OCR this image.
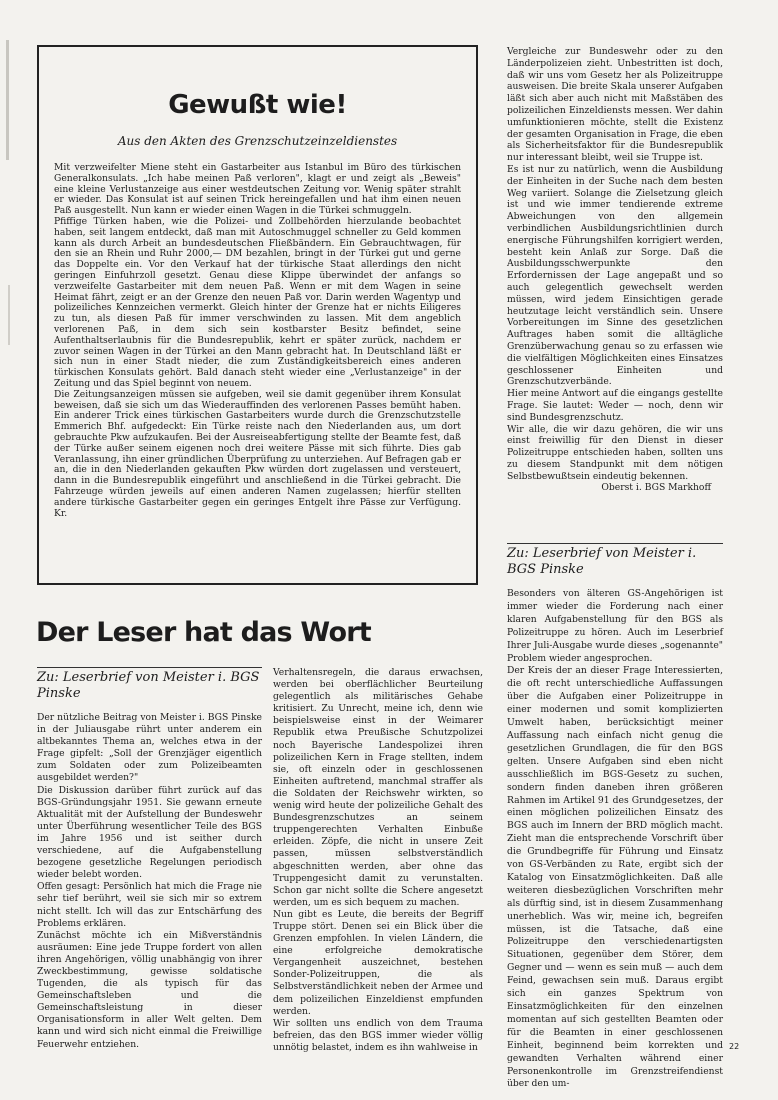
Gewußt wie!
Aus den Akten des Grenzschutzeinzeldienstes

Mit verzweifelter Miene steht ein Gastarbeiter aus Istanbul im Büro des türkischen Generalkonsulats. „Ich habe meinen Paß verloren", klagt er und zeigt als „Beweis" eine kleine Verlustanzeige aus einer westdeutschen Zeitung vor. Wenig später strahlt er wieder. Das Konsulat ist auf seinen Trick hereingefallen und hat ihm einen neuen Paß ausgestellt. Nun kann er wieder einen Wagen in die Türkei schmuggeln.

Pfiffige Türken haben, wie die Polizei- und Zollbehörden hierzulande beobachtet haben, seit langem entdeckt, daß man mit Autoschmuggel schneller zu Geld kommen kann als durch Arbeit an bundesdeutschen Fließbändern. Ein Gebrauchtwagen, für den sie an Rhein und Ruhr 2000,— DM bezahlen, bringt in der Türkei gut und gerne das Doppelte ein. Vor den Verkauf hat der türkische Staat allerdings den nicht geringen Einfuhrzoll gesetzt. Genau diese Klippe überwindet der anfangs so verzweifelte Gastarbeiter mit dem neuen Paß. Wenn er mit dem Wagen in seine Heimat fährt, zeigt er an der Grenze den neuen Paß vor. Darin werden Wagentyp und polizeiliches Kennzeichen vermerkt. Gleich hinter der Grenze hat er nichts Eiligeres zu tun, als diesen Paß für immer verschwinden zu lassen. Mit dem angeblich verlorenen Paß, in dem sich sein kostbarster Besitz befindet, seine Aufenthaltserlaubnis für die Bundesrepublik, kehrt er später zurück, nachdem er zuvor seinen Wagen in der Türkei an den Mann gebracht hat. In Deutschland läßt er sich nun in einer Stadt nieder, die zum Zuständigkeitsbereich eines anderen türkischen Konsulats gehört. Bald danach steht wieder eine „Verlustanzeige" in der Zeitung und das Spiel beginnt von neuem.

Die Zeitungsanzeigen müssen sie aufgeben, weil sie damit gegenüber ihrem Konsulat beweisen, daß sie sich um das Wiederauffinden des verlorenen Passes bemüht haben. Ein anderer Trick eines türkischen Gastarbeiters wurde durch die Grenzschutzstelle Emmerich Bhf. aufgedeckt: Ein Türke reiste nach den Niederlanden aus, um dort gebrauchte Pkw aufzukaufen. Bei der Ausreiseabfertigung stellte der Beamte fest, daß der Türke außer seinem eigenen noch drei weitere Pässe mit sich führte. Dies gab Veranlassung, ihn einer gründlichen Überprüfung zu unterziehen. Auf Befragen gab er an, die in den Niederlanden gekauften Pkw würden dort zugelassen und versteuert, dann in die Bundesrepublik eingeführt und anschließend in die Türkei gebracht. Die Fahrzeuge würden jeweils auf einen anderen Namen zugelassen; hierfür stellten andere türkische Gastarbeiter gegen ein geringes Entgelt ihre Pässe zur Verfügung. Kr.

Der Leser hat das Wort
Zu: Leserbrief von Meister i. BGS Pinske

Der nützliche Beitrag von Meister i. BGS Pinske in der Juliausgabe rührt unter anderem ein altbekanntes Thema an, welches etwa in der Frage gipfelt: „Soll der Grenzjäger eigentlich zum Soldaten oder zum Polizeibeamten ausgebildet werden?"

Die Diskussion darüber führt zurück auf das BGS-Gründungsjahr 1951. Sie gewann erneute Aktualität mit der Aufstellung der Bundeswehr unter Überführung wesentlicher Teile des BGS im Jahre 1956 und ist seither durch verschiedene, auf die Aufgabenstellung bezogene gesetzliche Regelungen periodisch wieder belebt worden.

Offen gesagt: Persönlich hat mich die Frage nie sehr tief berührt, weil sie sich mir so extrem nicht stellt. Ich will das zur Entschärfung des Problems erklären.

Zunächst möchte ich ein Mißverständnis ausräumen: Eine jede Truppe fordert von allen ihren Angehörigen, völlig unabhängig von ihrer Zweckbestimmung, gewisse soldatische Tugenden, die als typisch für das Gemeinschaftsleben und die Gemeinschaftsleistung in dieser Organisationsform in aller Welt gelten. Dem kann und wird sich nicht einmal die Freiwillige Feuerwehr entziehen.

Verhaltensregeln, die daraus erwachsen, werden bei oberflächlicher Beurteilung gelegentlich als militärisches Gehabe kritisiert. Zu Unrecht, meine ich, denn wie beispielsweise einst in der Weimarer Republik etwa Preußische Schutzpolizei noch Bayerische Landespolizei ihren polizeilichen Kern in Frage stellten, indem sie, oft einzeln oder in geschlossenen Einheiten auftretend, manchmal straffer als die Soldaten der Reichswehr wirkten, so wenig wird heute der polizeiliche Gehalt des Bundesgrenzschutzes an seinem truppengerechten Verhalten Einbuße erleiden. Zöpfe, die nicht in unsere Zeit passen, müssen selbstverständlich abgeschnitten werden, aber ohne das Truppengesicht damit zu verunstalten. Schon gar nicht sollte die Schere angesetzt werden, um es sich bequem zu machen.

Nun gibt es Leute, die bereits der Begriff Truppe stört. Denen sei ein Blick über die Grenzen empfohlen. In vielen Ländern, die eine erfolgreiche demokratische Vergangenheit auszeichnet, bestehen Sonder-Polizeitruppen, die als Selbstverständlichkeit neben der Armee und dem polizeilichen Einzeldienst empfunden werden.

Wir sollten uns endlich von dem Trauma befreien, das den BGS immer wieder völlig unnötig belastet, indem es ihn wahlweise in

Vergleiche zur Bundeswehr oder zu den Länderpolizeien zieht. Unbestritten ist doch, daß wir uns vom Gesetz her als Polizeitruppe ausweisen. Die breite Skala unserer Aufgaben läßt sich aber auch nicht mit Maßstäben des polizeilichen Einzeldiensts messen. Wer dahin umfunktionieren möchte, stellt die Existenz der gesamten Organisation in Frage, die eben als Sicherheitsfaktor für die Bundesrepublik nur interessant bleibt, weil sie Truppe ist.

Es ist nur zu natürlich, wenn die Ausbildung der Einheiten in der Suche nach dem besten Weg variiert. Solange die Zielsetzung gleich ist und wie immer tendierende extreme Abweichungen von den allgemein verbindlichen Ausbildungsrichtlinien durch energische Führungshilfen korrigiert werden, besteht kein Anlaß zur Sorge. Daß die Ausbildungsschwerpunkte den Erfordernissen der Lage angepaßt und so auch gelegentlich gewechselt werden müssen, wird jedem Einsichtigen gerade heutzutage leicht verständlich sein. Unsere Vorbereitungen im Sinne des gesetzlichen Auftrages haben somit die alltägliche Grenzüberwachung genau so zu erfassen wie die vielfältigen Möglichkeiten eines Einsatzes geschlossener Einheiten und Grenzschutzverbände.

Hier meine Antwort auf die eingangs gestellte Frage. Sie lautet: Weder — noch, denn wir sind Bundesgrenzschutz.

Wir alle, die wir dazu gehören, die wir uns einst freiwillig für den Dienst in dieser Polizeitruppe entschieden haben, sollten uns zu diesem Standpunkt mit dem nötigen Selbstbewußtsein eindeutig bekennen.

Oberst i. BGS Markhoff

Zu: Leserbrief von Meister i. BGS Pinske

Besonders von älteren GS-Angehörigen ist immer wieder die Forderung nach einer klaren Aufgabenstellung für den BGS als Polizeitruppe zu hören. Auch im Leserbrief Ihrer Juli-Ausgabe wurde dieses „sogenannte" Problem wieder angesprochen.

Der Kreis der an dieser Frage Interessierten, die oft recht unterschiedliche Auffassungen über die Aufgaben einer Polizeitruppe in einer modernen und somit komplizierten Umwelt haben, berücksichtigt meiner Auffassung nach einfach nicht genug die gesetzlichen Grundlagen, die für den BGS gelten. Unsere Aufgaben sind eben nicht ausschließlich im BGS-Gesetz zu suchen, sondern finden daneben ihren größeren Rahmen im Artikel 91 des Grundgesetzes, der einen möglichen polizeilichen Einsatz des BGS auch im Innern der BRD möglich macht. Zieht man die entsprechende Vorschrift über die Grundbegriffe für Führung und Einsatz von GS-Verbänden zu Rate, ergibt sich der Katalog von Einsatzmöglichkeiten. Daß alle weiteren diesbezüglichen Vorschriften mehr als dürftig sind, ist in diesem Zusammenhang unerheblich. Was wir, meine ich, begreifen müssen, ist die Tatsache, daß eine Polizeitruppe den verschiedenartigsten Situationen, gegenüber dem Störer, dem Gegner und — wenn es sein muß — auch dem Feind, gewachsen sein muß. Daraus ergibt sich ein ganzes Spektrum von Einsatzmöglichkeiten für den einzelnen momentan auf sich gestellten Beamten oder für die Beamten in einer geschlossenen Einheit, beginnend beim korrekten und gewandten Verhalten während einer Personenkontrolle im Grenzstreifendienst über den um-

22
